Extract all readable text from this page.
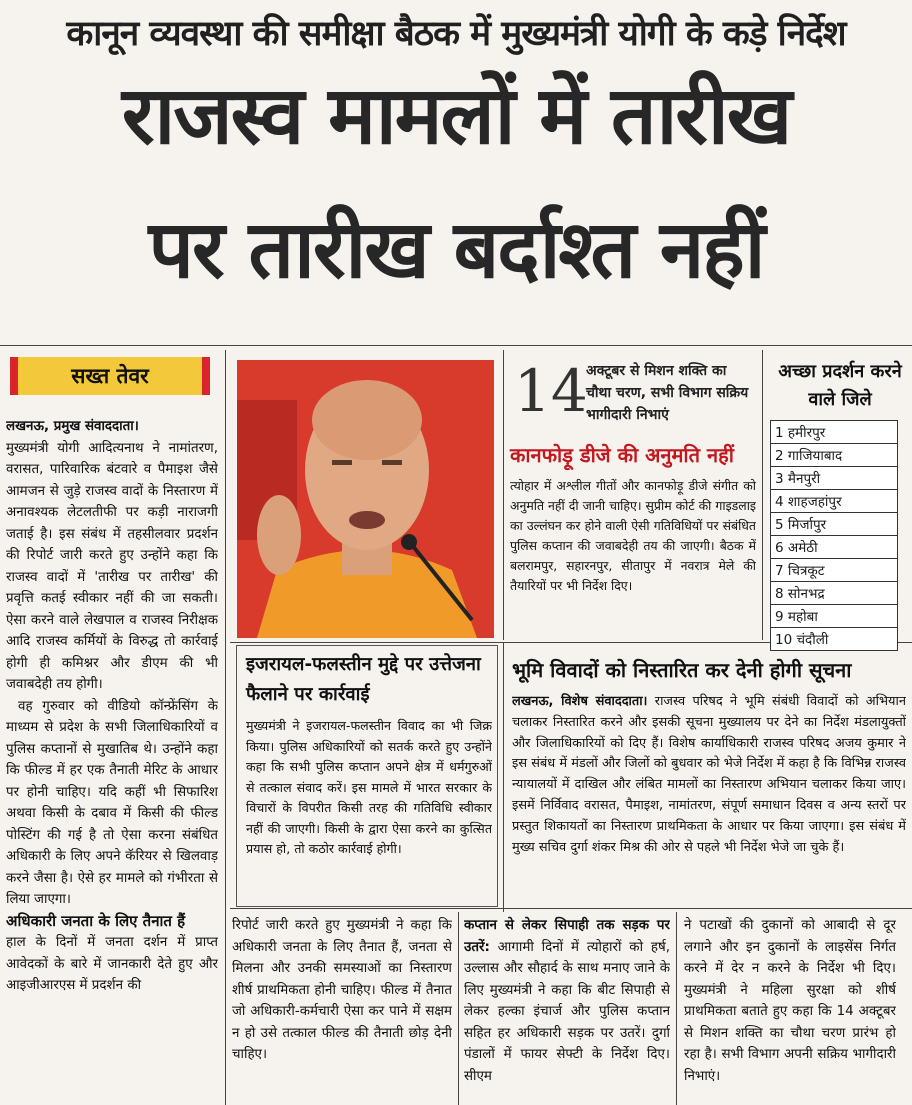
कानून व्यवस्था की समीक्षा बैठक में मुख्यमंत्री योगी के कड़े निर्देश
राजस्व मामलों में तारीख
पर तारीख बर्दाश्त नहीं
सख्त तेवर

लखनऊ, प्रमुख संवाददाता।

मुख्यमंत्री योगी आदित्यनाथ ने नामांतरण, वरासत, पारिवारिक बंटवारे व पैमाइश जैसे आमजन से जुड़े राजस्व वादों के निस्तारण में अनावश्यक लेटलतीफी पर कड़ी नाराजगी जताई है। इस संबंध में तहसीलवार प्रदर्शन की रिपोर्ट जारी करते हुए उन्होंने कहा कि राजस्व वादों में 'तारीख पर तारीख' की प्रवृत्ति कतई स्वीकार नहीं की जा सकती। ऐसा करने वाले लेखपाल व राजस्व निरीक्षक आदि राजस्व कर्मियों के विरुद्ध तो कार्रवाई होगी ही कमिश्नर और डीएम की भी जवाबदेही तय होगी।

वह गुरुवार को वीडियो कॉन्फ्रेंसिंग के माध्यम से प्रदेश के सभी जिलाधिकारियों व पुलिस कप्तानों से मुखातिब थे। उन्होंने कहा कि फील्ड में हर एक तैनाती मेरिट के आधार पर होनी चाहिए। यदि कहीं भी सिफारिश अथवा किसी के दबाव में किसी की फील्ड पोस्टिंग की गई है तो ऐसा करना संबंधित अधिकारी के लिए अपने कॅरियर से खिलवाड़ करने जैसा है। ऐसे हर मामले को गंभीरता से लिया जाएगा।

अधिकारी जनता के लिए तैनात हैं

हाल के दिनों में जनता दर्शन में प्राप्त आवेदकों के बारे में जानकारी देते हुए और आइजीआरएस में प्रदर्शन की

14
अक्टूबर से मिशन शक्ति का चौथा चरण, सभी विभाग सक्रिय भागीदारी निभाएं
कानफोड़ू डीजे की अनुमति नहीं
त्योहार में अश्लील गीतों और कानफोड़ू डीजे संगीत को अनुमति नहीं दी जानी चाहिए। सुप्रीम कोर्ट की गाइडलाइ का उल्लंघन कर होने वाली ऐसी गतिविधियों पर संबंधित पुलिस कप्तान की जवाबदेही तय की जाएगी। बैठक में बलरामपुर, सहारनपुर, सीतापुर में नवरात्र मेले की तैयारियों पर भी निर्देश दिए।
अच्छा प्रदर्शन करने वाले जिले
1 हमीरपुर
2 गाजियाबाद
3 मैनपुरी
4 शाहजहांपुर
5 मिर्जापुर
6 अमेठी
7 चित्रकूट
8 सोनभद्र
9 महोबा
10 चंदौली
इजरायल-फलस्तीन मुद्दे पर उत्तेजना फैलाने पर कार्रवाई
मुख्यमंत्री ने इजरायल-फलस्तीन विवाद का भी जिक्र किया। पुलिस अधिकारियों को सतर्क करते हुए उन्होंने कहा कि सभी पुलिस कप्तान अपने क्षेत्र में धर्मगुरुओं से तत्काल संवाद करें। इस मामले में भारत सरकार के विचारों के विपरीत किसी तरह की गतिविधि स्वीकार नहीं की जाएगी। किसी के द्वारा ऐसा करने का कुत्सित प्रयास हो, तो कठोर कार्रवाई होगी।
भूमि विवादों को निस्तारित कर देनी होगी सूचना
लखनऊ, विशेष संवाददाता। राजस्व परिषद ने भूमि संबंधी विवादों को अभियान चलाकर निस्तारित करने और इसकी सूचना मुख्यालय पर देने का निर्देश मंडलायुक्तों और जिलाधिकारियों को दिए हैं। विशेष कार्याधिकारी राजस्व परिषद अजय कुमार ने इस संबंध में मंडलों और जिलों को बुधवार को भेजे निर्देश में कहा है कि विभिन्न राजस्व न्यायालयों में दाखिल और लंबित मामलों का निस्तारण अभियान चलाकर किया जाए। इसमें निर्विवाद वरासत, पैमाइश, नामांतरण, संपूर्ण समाधान दिवस व अन्य स्तरों पर प्रस्तुत शिकायतों का निस्तारण प्राथमिकता के आधार पर किया जाएगा। इस संबंध में मुख्य सचिव दुर्गा शंकर मिश्र की ओर से पहले भी निर्देश भेजे जा चुके हैं।
रिपोर्ट जारी करते हुए मुख्यमंत्री ने कहा कि अधिकारी जनता के लिए तैनात हैं, जनता से मिलना और उनकी समस्याओं का निस्तारण शीर्ष प्राथमिकता होनी चाहिए। फील्ड में तैनात जो अधिकारी-कर्मचारी ऐसा कर पाने में सक्षम न हो उसे तत्काल फील्ड की तैनाती छोड़ देनी चाहिए।
कप्तान से लेकर सिपाही तक सड़क पर उतरें: आगामी दिनों में त्योहारों को हर्ष, उल्लास और सौहार्द के साथ मनाए जाने के लिए मुख्यमंत्री ने कहा कि बीट सिपाही से लेकर हल्का इंचार्ज और पुलिस कप्तान सहित हर अधिकारी सड़क पर उतरें। दुर्गा पंडालों में फायर सेफ्टी के निर्देश दिए। सीएम
ने पटाखों की दुकानों को आबादी से दूर लगाने और इन दुकानों के लाइसेंस निर्गत करने में देर न करने के निर्देश भी दिए। मुख्यमंत्री ने महिला सुरक्षा को शीर्ष प्राथमिकता बताते हुए कहा कि 14 अक्टूबर से मिशन शक्ति का चौथा चरण प्रारंभ हो रहा है। सभी विभाग अपनी सक्रिय भागीदारी निभाएं।
